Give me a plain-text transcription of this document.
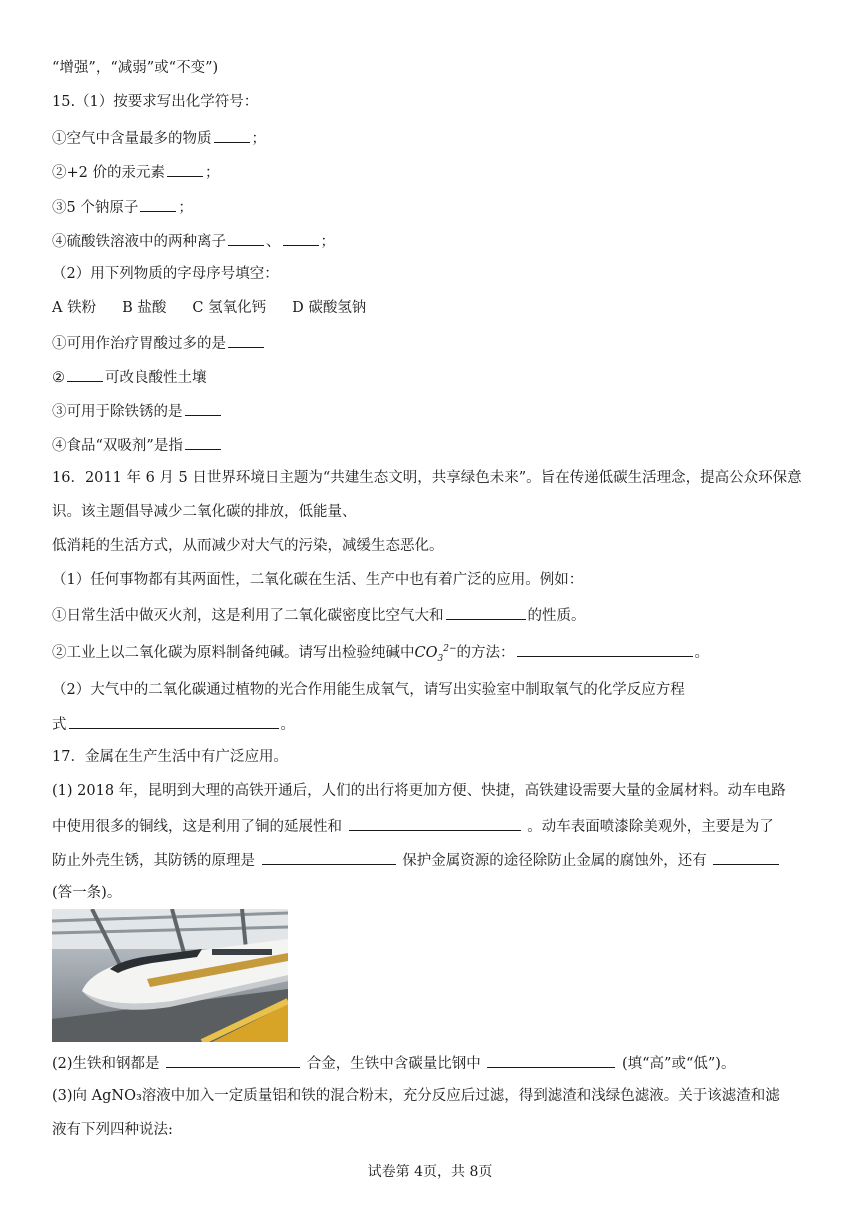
“增强”，“减弱”或“不变”)
15.（1）按要求写出化学符号：
①空气中含量最多的物质	；
②+2 价的汞元素	；
③5 个钠原子	；
④硫酸铁溶液中的两种离子	、	；
（2）用下列物质的字母序号填空：
A 铁粉 B 盐酸 C 氢氧化钙 D 碳酸氢钠
①可用作治疗胃酸过多的是
②	可改良酸性土壤
③可用于除铁锈的是
④食品“双吸剂”是指
16．2011 年 6 月 5 日世界环境日主题为“共建生态文明，共享绿色未来”。旨在传递低碳生活理念，提高公众环保意
识。该主题倡导减少二氧化碳的排放，低能量、
低消耗的生活方式，从而减少对大气的污染，减缓生态恶化。
（1）任何事物都有其两面性，二氧化碳在生活、生产中也有着广泛的应用。例如：
①日常生活中做灭火剂，这是利用了二氧化碳密度比空气大和	的性质。
②工业上以二氧化碳为原料制备纯碱。请写出检验纯碱中$CO_3^{2-}$的方法：	。
（2）大气中的二氧化碳通过植物的光合作用能生成氧气，请写出实验室中制取氧气的化学反应方程
式	。
17．金属在生产生活中有广泛应用。
(1) 2018 年，昆明到大理的高铁开通后，人们的出行将更加方便、快捷，高铁建设需要大量的金属材料。动车电路
中使用很多的铜线，这是利用了铜的延展性和	。动车表面喷漆除美观外，主要是为了
防止外壳生锈，其防锈的原理是	保护金属资源的途径除防止金属的腐蚀外，还有
(答一条)。
(2)生铁和钢都是	合金，生铁中含碳量比钢中	(填“高”或“低”)。
(3)向 AgNO₃溶液中加入一定质量铝和铁的混合粉末，充分反应后过滤，得到滤渣和浅绿色滤液。关于该滤渣和滤
液有下列四种说法:
试卷第 4页，共 8页
